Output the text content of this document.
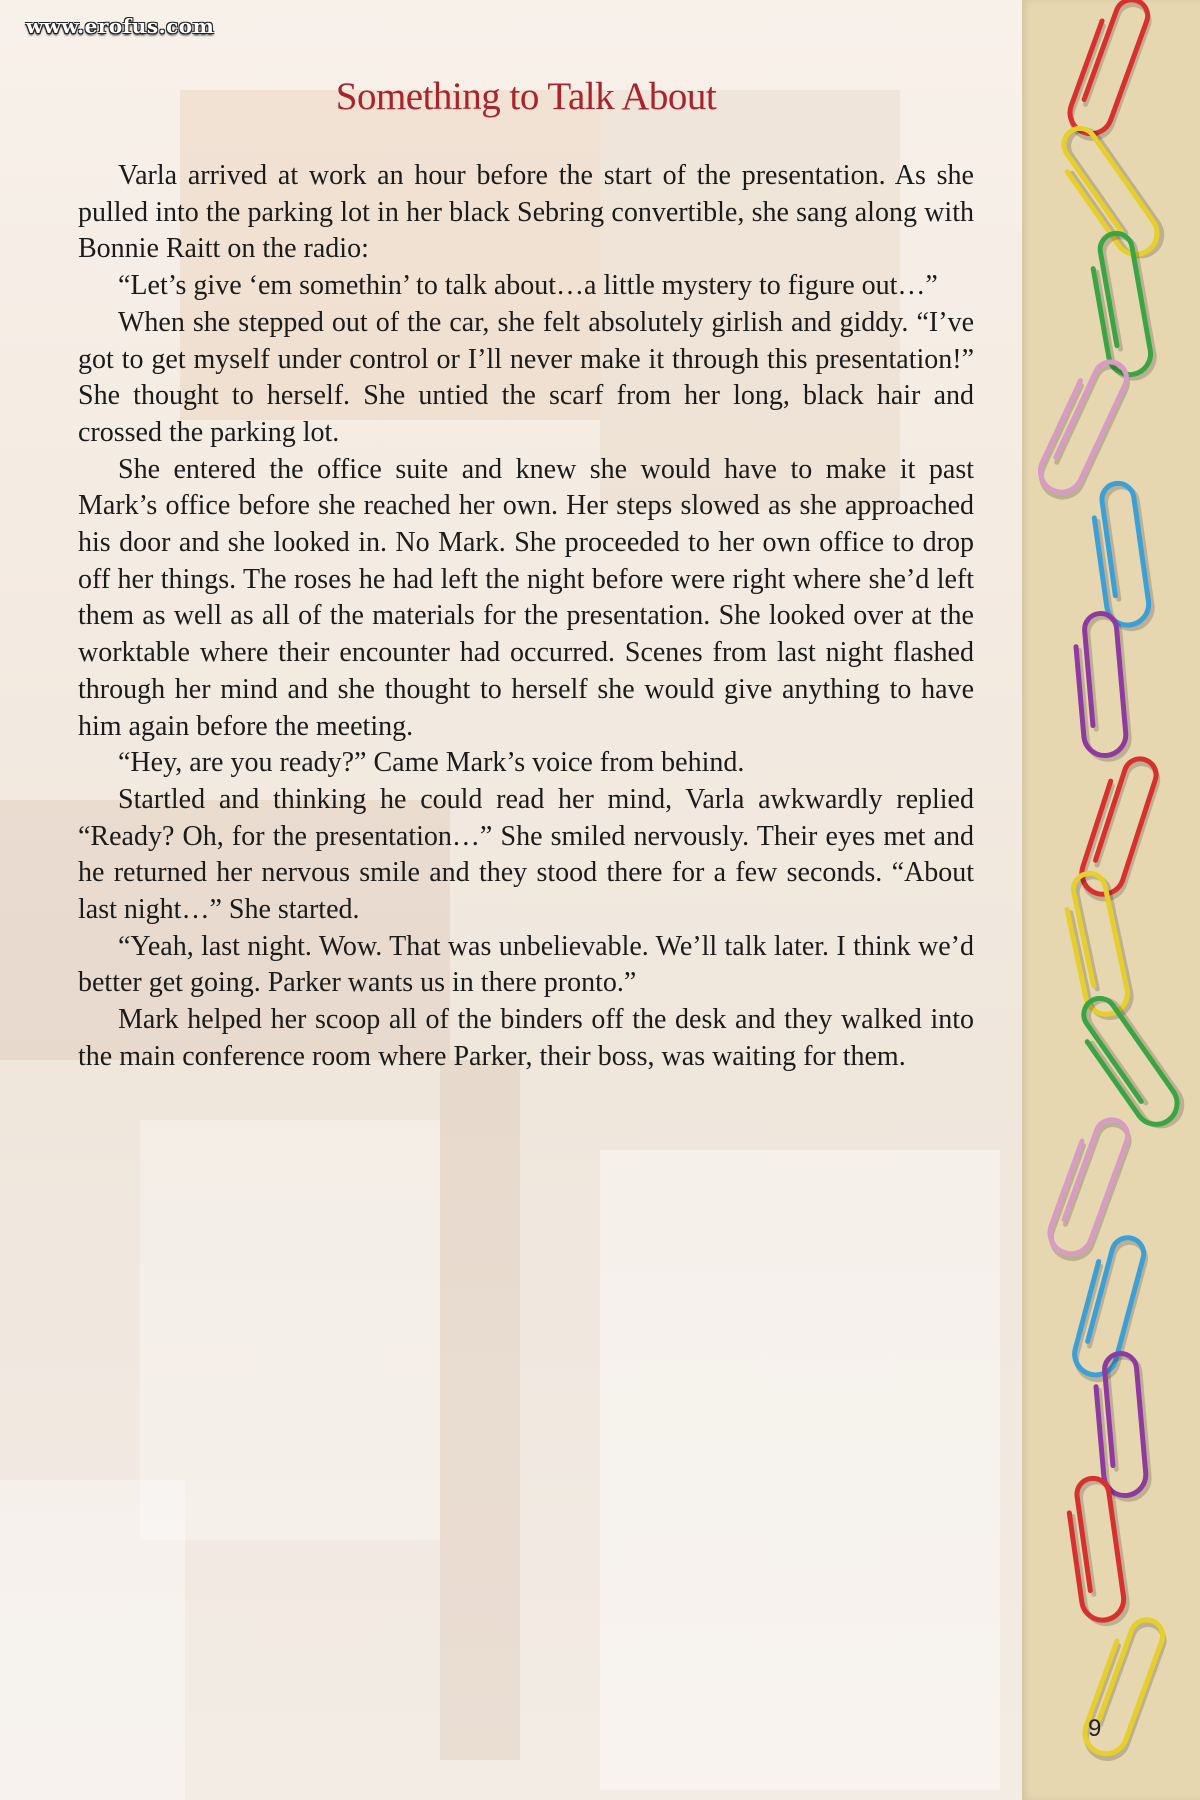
www.erofus.com
Something to Talk About

Varla arrived at work an hour before the start of the presentation. As she pulled into the parking lot in her black Sebring convertible, she sang along with Bonnie Raitt on the radio:

“Let’s give ‘em somethin’ to talk about…a little mystery to figure out…”

When she stepped out of the car, she felt absolutely girlish and giddy. “I’ve got to get myself under control or I’ll never make it through this presentation!” She thought to herself. She untied the scarf from her long, black hair and crossed the parking lot.

She entered the office suite and knew she would have to make it past Mark’s office before she reached her own. Her steps slowed as she approached his door and she looked in. No Mark. She proceeded to her own office to drop off her things. The roses he had left the night before were right where she’d left them as well as all of the materials for the presentation. She looked over at the worktable where their encounter had occurred. Scenes from last night flashed through her mind and she thought to herself she would give anything to have him again before the meeting.

“Hey, are you ready?” Came Mark’s voice from behind.

Startled and thinking he could read her mind, Varla awkwardly replied “Ready? Oh, for the presentation…” She smiled nervously. Their eyes met and he returned her nervous smile and they stood there for a few seconds. “About last night…” She started.

“Yeah, last night. Wow. That was unbelievable. We’ll talk later. I think we’d better get going. Parker wants us in there pronto.”

Mark helped her scoop all of the binders off the desk and they walked into the main conference room where Parker, their boss, was waiting for them.

9
